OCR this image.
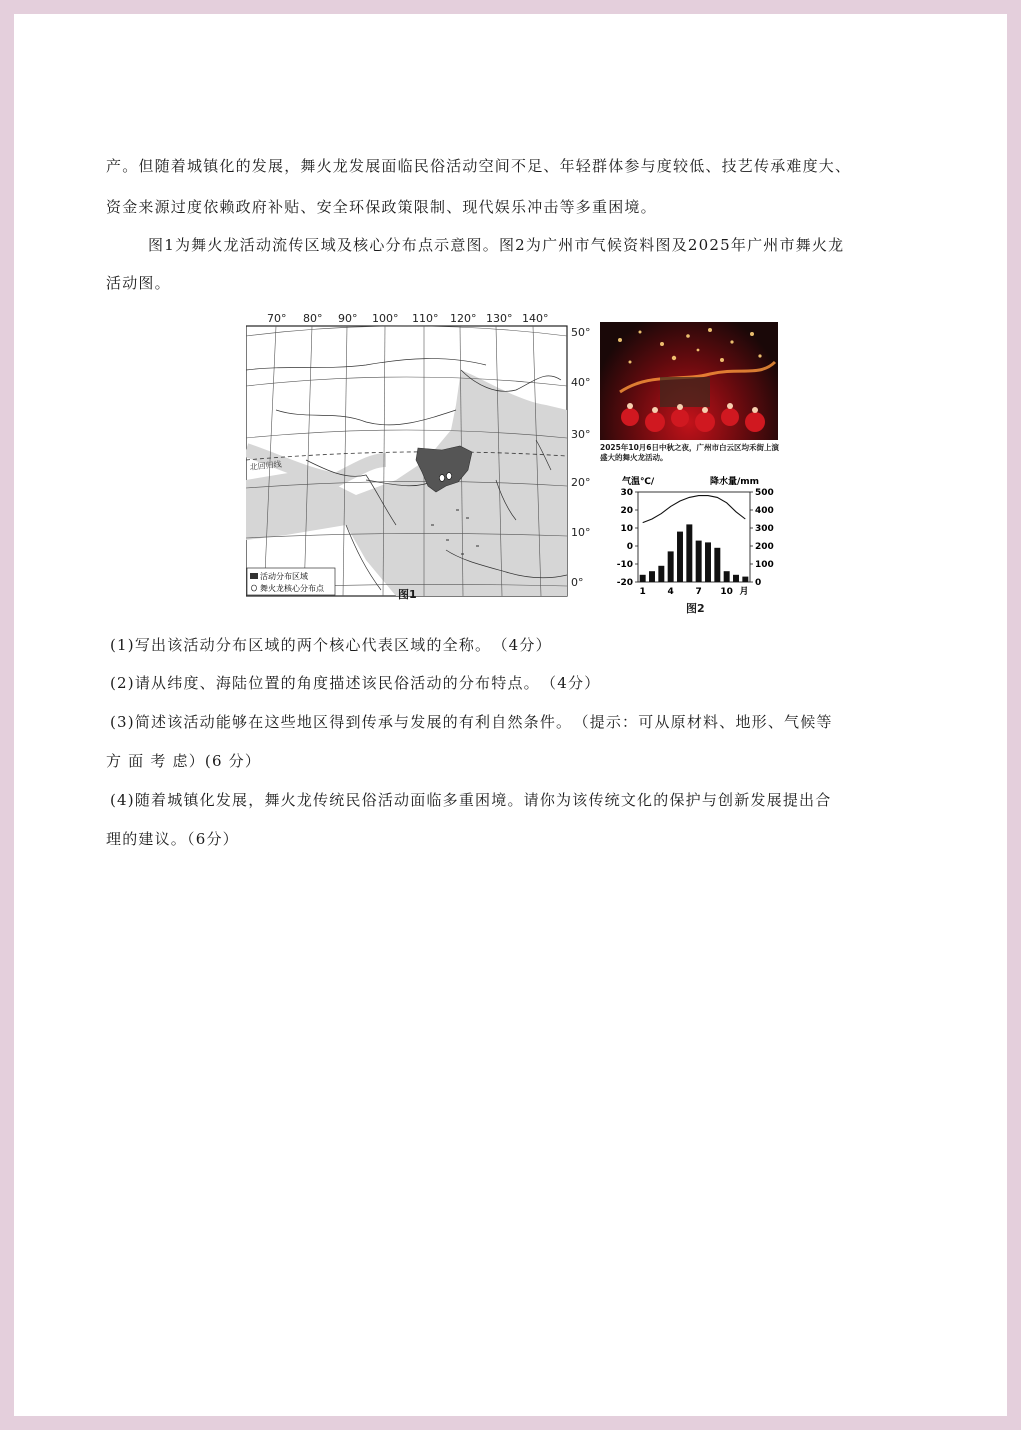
产。但随着城镇化的发展，舞火龙发展面临民俗活动空间不足、年轻群体参与度较低、技艺传承难度大、
资金来源过度依赖政府补贴、安全环保政策限制、现代娱乐冲击等多重困境。
图1为舞火龙活动流传区域及核心分布点示意图。图2为广州市气候资料图及2025年广州市舞火龙
活动图。
70° 80° 90° 100° 110° 120° 130° 140°
50°
40°
30°
20°
10°
0°
北回归线
活动分布区域
舞火龙核心分布点	图1
2025年10月6日中秋之夜，广州市白云区均禾街上演盛大的舞火龙活动。
气温℃/	降水量/mm
30
20
10
0
-10
-20
500
400
300
200
100
0
1 4 7 10 月
图2
(1)写出该活动分布区域的两个核心代表区域的全称。　（4分）
(2)请从纬度、海陆位置的角度描述该民俗活动的分布特点。　（4分）
(3)简述该活动能够在这些地区得到传承与发展的有利自然条件。　（提示：可从原材料、地形、气候等
方 面 考 虑）(6 分）
(4)随着城镇化发展，舞火龙传统民俗活动面临多重困境。请你为该传统文化的保护与创新发展提出合
理的建议。（6分）
